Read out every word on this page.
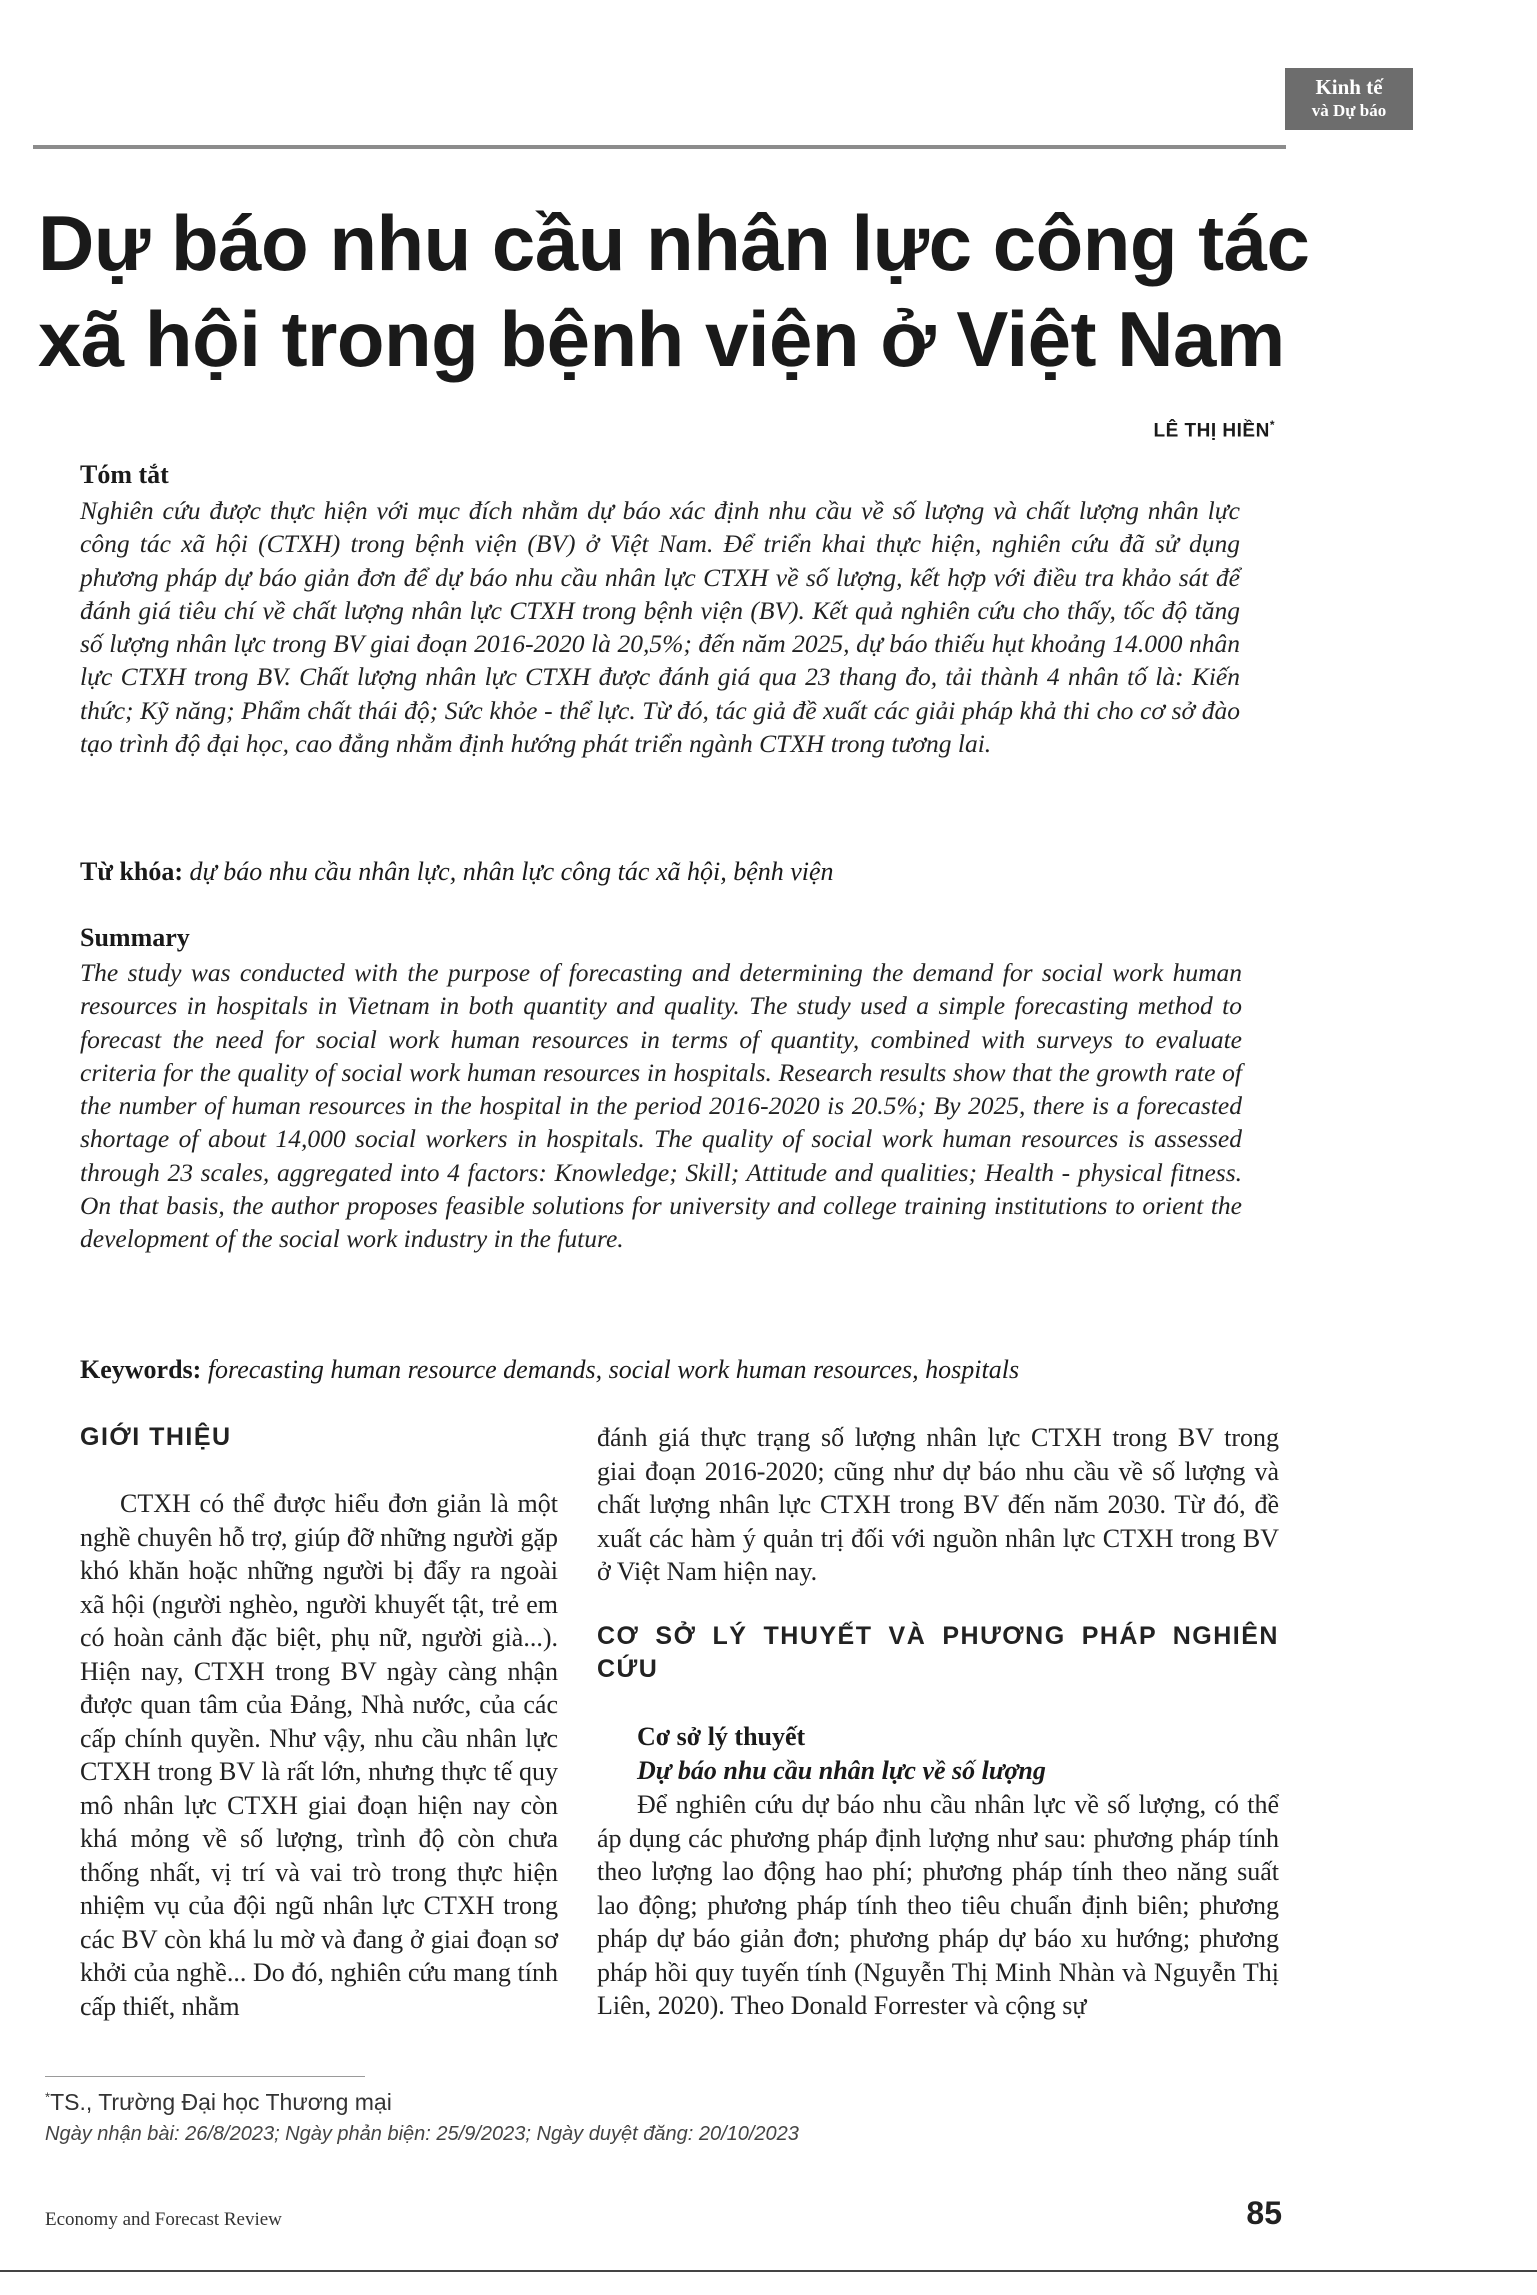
Kinh tế
và Dự báo
Dự báo nhu cầu nhân lực công tác xã hội trong bệnh viện ở Việt Nam
LÊ THỊ HIỀN*
Tóm tắt

Nghiên cứu được thực hiện với mục đích nhằm dự báo xác định nhu cầu về số lượng và chất lượng nhân lực công tác xã hội (CTXH) trong bệnh viện (BV) ở Việt Nam. Để triển khai thực hiện, nghiên cứu đã sử dụng phương pháp dự báo giản đơn để dự báo nhu cầu nhân lực CTXH về số lượng, kết hợp với điều tra khảo sát để đánh giá tiêu chí về chất lượng nhân lực CTXH trong bệnh viện (BV). Kết quả nghiên cứu cho thấy, tốc độ tăng số lượng nhân lực trong BV giai đoạn 2016-2020 là 20,5%; đến năm 2025, dự báo thiếu hụt khoảng 14.000 nhân lực CTXH trong BV. Chất lượng nhân lực CTXH được đánh giá qua 23 thang đo, tải thành 4 nhân tố là: Kiến thức; Kỹ năng; Phẩm chất thái độ; Sức khỏe - thể lực. Từ đó, tác giả đề xuất các giải pháp khả thi cho cơ sở đào tạo trình độ đại học, cao đẳng nhằm định hướng phát triển ngành CTXH trong tương lai.

Từ khóa: dự báo nhu cầu nhân lực, nhân lực công tác xã hội, bệnh viện
Summary

The study was conducted with the purpose of forecasting and determining the demand for social work human resources in hospitals in Vietnam in both quantity and quality. The study used a simple forecasting method to forecast the need for social work human resources in terms of quantity, combined with surveys to evaluate criteria for the quality of social work human resources in hospitals. Research results show that the growth rate of the number of human resources in the hospital in the period 2016-2020 is 20.5%; By 2025, there is a forecasted shortage of about 14,000 social workers in hospitals. The quality of social work human resources is assessed through 23 scales, aggregated into 4 factors: Knowledge; Skill; Attitude and qualities; Health - physical fitness. On that basis, the author proposes feasible solutions for university and college training institutions to orient the development of the social work industry in the future.

Keywords: forecasting human resource demands, social work human resources, hospitals
GIỚI THIỆU

CTXH có thể được hiểu đơn giản là một nghề chuyên hỗ trợ, giúp đỡ những người gặp khó khăn hoặc những người bị đẩy ra ngoài xã hội (người nghèo, người khuyết tật, trẻ em có hoàn cảnh đặc biệt, phụ nữ, người già...). Hiện nay, CTXH trong BV ngày càng nhận được quan tâm của Đảng, Nhà nước, của các cấp chính quyền. Như vậy, nhu cầu nhân lực CTXH trong BV là rất lớn, nhưng thực tế quy mô nhân lực CTXH giai đoạn hiện nay còn khá mỏng về số lượng, trình độ còn chưa thống nhất, vị trí và vai trò trong thực hiện nhiệm vụ của đội ngũ nhân lực CTXH trong các BV còn khá lu mờ và đang ở giai đoạn sơ khởi của nghề... Do đó, nghiên cứu mang tính cấp thiết, nhằm

đánh giá thực trạng số lượng nhân lực CTXH trong BV trong giai đoạn 2016-2020; cũng như dự báo nhu cầu về số lượng và chất lượng nhân lực CTXH trong BV đến năm 2030. Từ đó, đề xuất các hàm ý quản trị đối với nguồn nhân lực CTXH trong BV ở Việt Nam hiện nay.

CƠ SỞ LÝ THUYẾT VÀ PHƯƠNG PHÁP NGHIÊN CỨU
Cơ sở lý thuyết
Dự báo nhu cầu nhân lực về số lượng

Để nghiên cứu dự báo nhu cầu nhân lực về số lượng, có thể áp dụng các phương pháp định lượng như sau: phương pháp tính theo lượng lao động hao phí; phương pháp tính theo năng suất lao động; phương pháp tính theo tiêu chuẩn định biên; phương pháp dự báo giản đơn; phương pháp dự báo xu hướng; phương pháp hồi quy tuyến tính (Nguyễn Thị Minh Nhàn và Nguyễn Thị Liên, 2020). Theo Donald Forrester và cộng sự

*TS., Trường Đại học Thương mại
Ngày nhận bài: 26/8/2023; Ngày phản biện: 25/9/2023; Ngày duyệt đăng: 20/10/2023
Economy and Forecast Review	85
